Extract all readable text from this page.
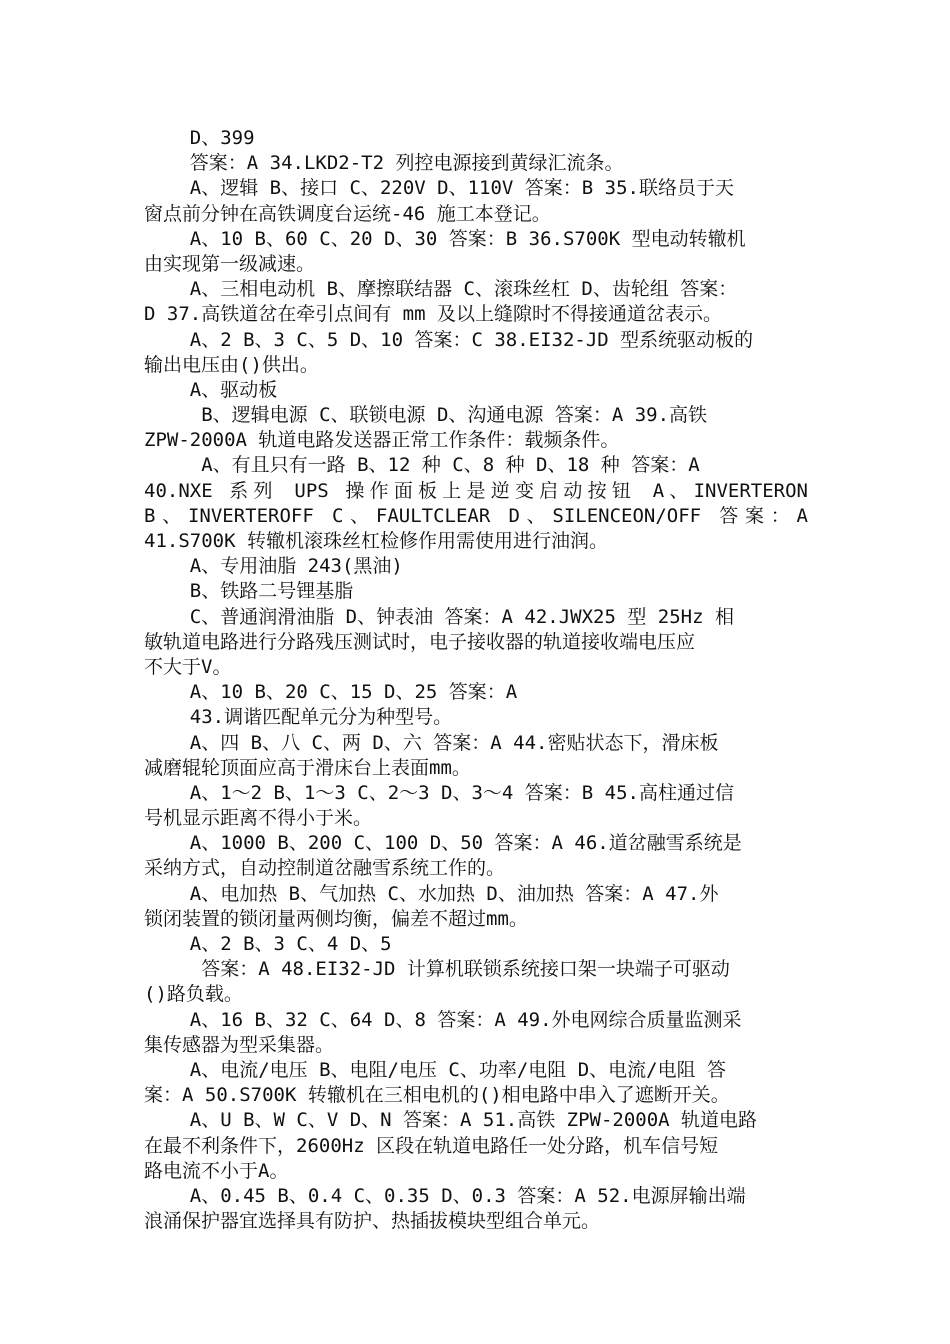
D、399
答案：A 34.LKD2-T2 列控电源接到黄绿汇流条。
A、逻辑 B、接口 C、220V D、110V 答案：B 35.联络员于天
窗点前分钟在高铁调度台运统-46 施工本登记。
A、10 B、60 C、20 D、30 答案：B 36.S700K 型电动转辙机
由实现第一级减速。
A、三相电动机 B、摩擦联结器 C、滚珠丝杠 D、齿轮组 答案：
D 37.高铁道岔在牵引点间有 mm 及以上缝隙时不得接通道岔表示。
A、2 B、3 C、5 D、10 答案：C 38.EI32-JD 型系统驱动板的
输出电压由()供出。
A、驱动板
B、逻辑电源 C、联锁电源 D、沟通电源 答案：A 39.高铁
ZPW-2000A 轨道电路发送器正常工作条件：载频条件。
A、有且只有一路 B、12 种 C、8 种 D、18 种 答案：A
40.NXE 系列 UPS 操作面板上是逆变启动按钮 A、INVERTERON
B、INVERTEROFF C、FAULTCLEAR D、SILENCEON/OFF 答案：A
41.S700K 转辙机滚珠丝杠检修作用需使用进行油润。
A、专用油脂 243(黑油)
B、铁路二号锂基脂
C、普通润滑油脂 D、钟表油 答案：A 42.JWX25 型 25Hz 相
敏轨道电路进行分路残压测试时，电子接收器的轨道接收端电压应
不大于V。
A、10 B、20 C、15 D、25 答案：A
43.调谐匹配单元分为种型号。
A、四 B、八 C、两 D、六 答案：A 44.密贴状态下，滑床板
减磨辊轮顶面应高于滑床台上表面mm。
A、1～2 B、1～3 C、2～3 D、3～4 答案：B 45.高柱通过信
号机显示距离不得小于米。
A、1000 B、200 C、100 D、50 答案：A 46.道岔融雪系统是
采纳方式，自动控制道岔融雪系统工作的。
A、电加热 B、气加热 C、水加热 D、油加热 答案：A 47.外
锁闭装置的锁闭量两侧均衡，偏差不超过mm。
A、2 B、3 C、4 D、5
答案：A 48.EI32-JD 计算机联锁系统接口架一块端子可驱动
()路负载。
A、16 B、32 C、64 D、8 答案：A 49.外电网综合质量监测采
集传感器为型采集器。
A、电流/电压 B、电阻/电压 C、功率/电阻 D、电流/电阻 答
案：A 50.S700K 转辙机在三相电机的()相电路中串入了遮断开关。
A、U B、W C、V D、N 答案：A 51.高铁 ZPW-2000A 轨道电路
在最不利条件下，2600Hz 区段在轨道电路任一处分路，机车信号短
路电流不小于A。
A、0.45 B、0.4 C、0.35 D、0.3 答案：A 52.电源屏输出端
浪涌保护器宜选择具有防护、热插拔模块型组合单元。
